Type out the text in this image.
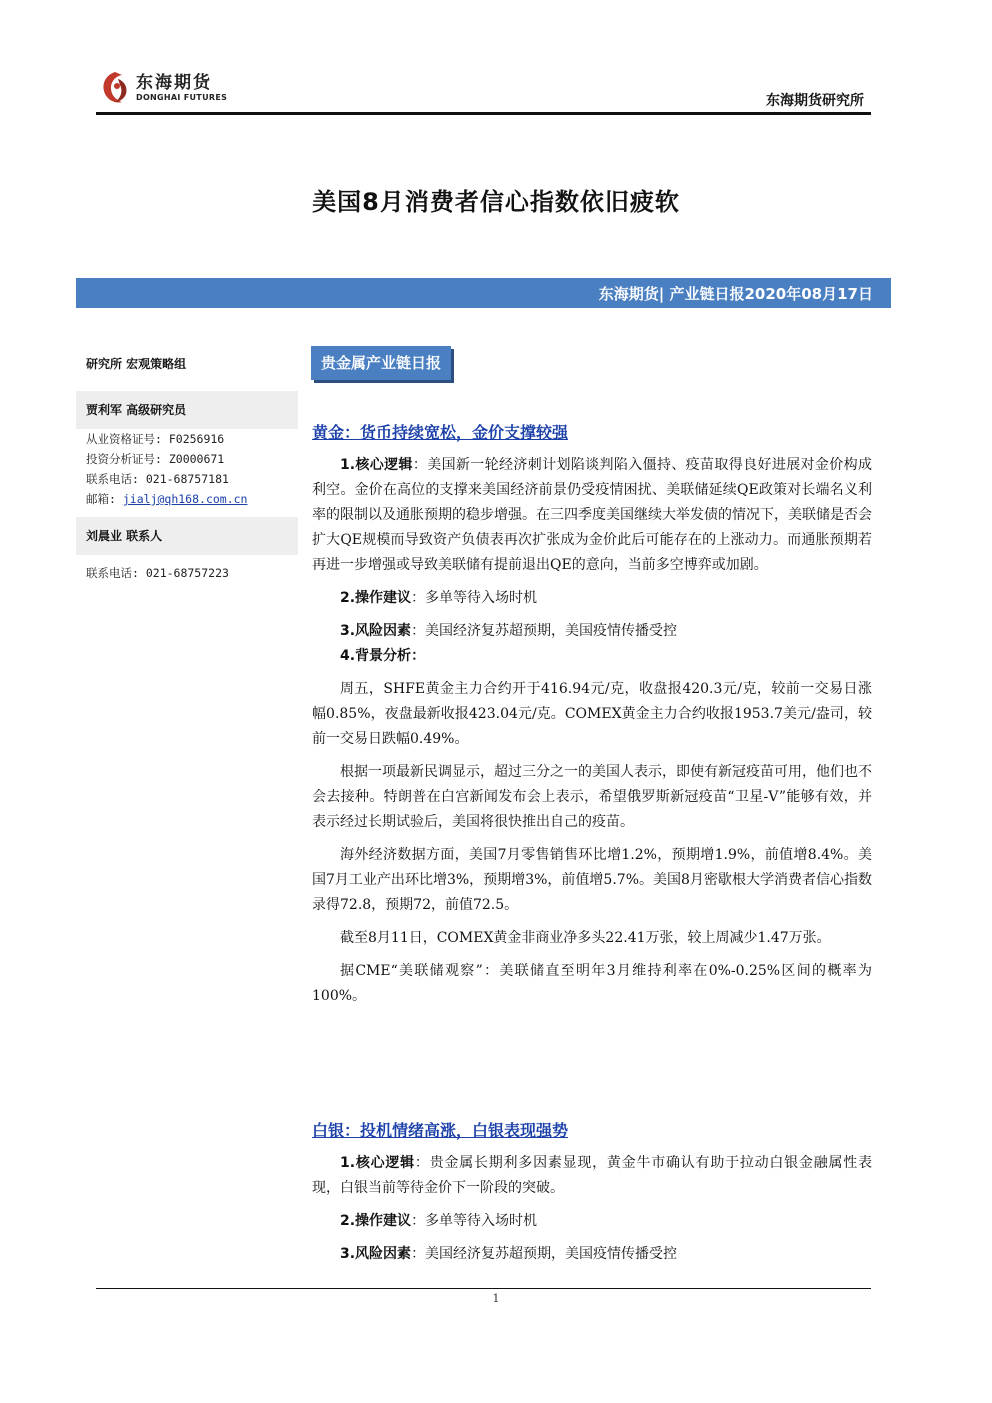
东海期货
DONGHAI FUTURES	东海期货研究所
美国8月消费者信心指数依旧疲软
东海期货| 产业链日报2020年08月17日
研究所 宏观策略组
贾利军 高级研究员
从业资格证号: F0256916
投资分析证号: Z0000671
联系电话: 021-68757181
邮箱: jialj@qh168.com.cn
刘晨业 联系人
联系电话: 021-68757223
贵金属产业链日报
黄金：货币持续宽松，金价支撑较强

1.核心逻辑：美国新一轮经济刺计划陷谈判陷入僵持、疫苗取得良好进展对金价构成利空。金价在高位的支撑来美国经济前景仍受疫情困扰、美联储延续QE政策对长端名义利率的限制以及通胀预期的稳步增强。在三四季度美国继续大举发债的情况下，美联储是否会扩大QE规模而导致资产负债表再次扩张成为金价此后可能存在的上涨动力。而通胀预期若再进一步增强或导致美联储有提前退出QE的意向，当前多空博弈或加剧。

2.操作建议：多单等待入场时机

3.风险因素：美国经济复苏超预期，美国疫情传播受控

4.背景分析：

周五，SHFE黄金主力合约开于416.94元/克，收盘报420.3元/克，较前一交易日涨幅0.85%，夜盘最新收报423.04元/克。COMEX黄金主力合约收报1953.7美元/盎司，较前一交易日跌幅0.49%。

根据一项最新民调显示，超过三分之一的美国人表示，即使有新冠疫苗可用，他们也不会去接种。特朗普在白宫新闻发布会上表示，希望俄罗斯新冠疫苗“卫星-V”能够有效，并表示经过长期试验后，美国将很快推出自己的疫苗。

海外经济数据方面，美国7月零售销售环比增1.2%，预期增1.9%，前值增8.4%。美国7月工业产出环比增3%，预期增3%，前值增5.7%。美国8月密歇根大学消费者信心指数录得72.8，预期72，前值72.5。

截至8月11日，COMEX黄金非商业净多头22.41万张，较上周减少1.47万张。

据CME“美联储观察”：美联储直至明年3月维持利率在0%-0.25%区间的概率为100%。

白银：投机情绪高涨，白银表现强势

1.核心逻辑：贵金属长期利多因素显现，黄金牛市确认有助于拉动白银金融属性表现，白银当前等待金价下一阶段的突破。

2.操作建议：多单等待入场时机

3.风险因素：美国经济复苏超预期，美国疫情传播受控

1
